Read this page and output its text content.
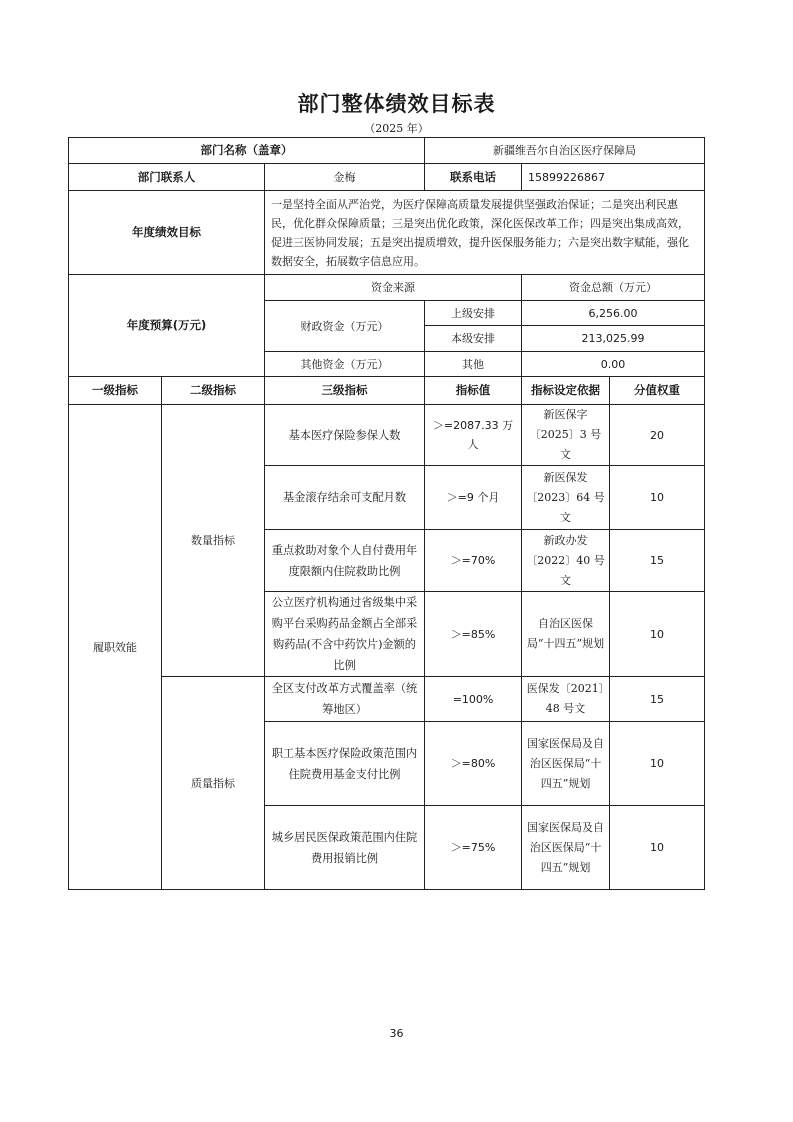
部门整体绩效目标表
（2025 年）
部门名称（盖章）			新疆维吾尔自治区医疗保障局		
部门联系人		金梅	联系电话	15899226867	
年度绩效目标		一是坚持全面从严治党，为医疗保障高质量发展提供坚强政治保证；二是突出利民惠民，优化群众保障质量；三是突出优化政策，深化医保改革工作；四是突出集成高效，促进三医协同发展；五是突出提质增效，提升医保服务能力；六是突出数字赋能，强化数据安全，拓展数字信息应用。			
年度预算(万元)		资金来源		资金总额（万元）	
		财政资金（万元）	上级安排	6,256.00	
			本级安排	213,025.99	
		其他资金（万元）	其他	0.00	
一级指标	二级指标	三级指标	指标值	指标设定依据	分值权重
履职效能	数量指标	基本医疗保险参保人数	＞=2087.33 万人	新医保字〔2025〕3 号文	20
		基金滚存结余可支配月数	＞=9 个月	新医保发〔2023〕64 号文	10
		重点救助对象个人自付费用年度限额内住院救助比例	＞=70%	新政办发〔2022〕40 号文	15
		公立医疗机构通过省级集中采购平台采购药品金额占全部采购药品(不含中药饮片)金额的比例	＞=85%	自治区医保局“十四五”规划	10
	质量指标	全区支付改革方式覆盖率（统筹地区）	=100%	医保发〔2021〕48 号文	15
		职工基本医疗保险政策范围内住院费用基金支付比例	＞=80%	国家医保局及自治区医保局“十四五”规划	10
		城乡居民医保政策范围内住院费用报销比例	＞=75%	国家医保局及自治区医保局“十四五”规划	10
36
